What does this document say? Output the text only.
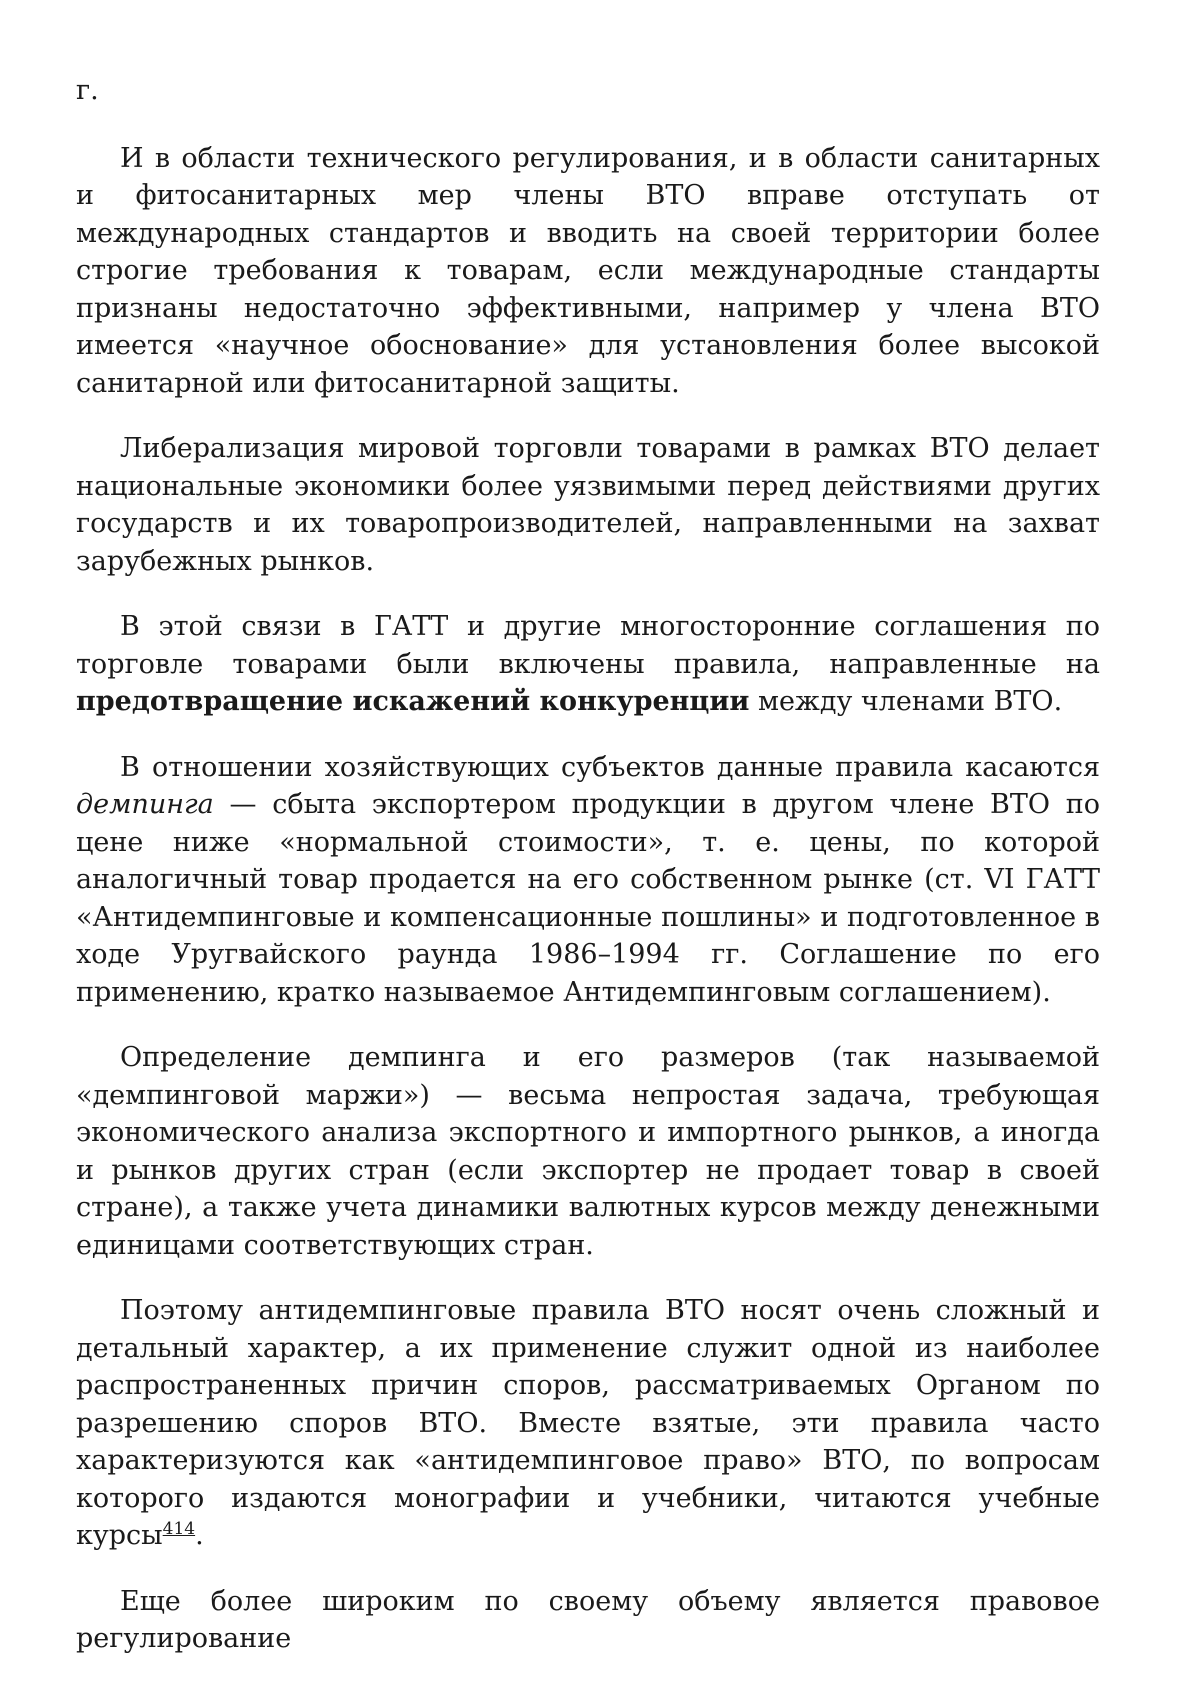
г.

И в области технического регулирования, и в области санитарных и фитосанитарных мер члены ВТО вправе отступать от международных стандартов и вводить на своей территории более строгие требования к товарам, если международные стандарты признаны недостаточно эффективными, например у члена ВТО имеется «научное обоснование» для установления более высокой санитарной или фитосанитарной защиты.

Либерализация мировой торговли товарами в рамках ВТО делает национальные экономики более уязвимыми перед действиями других государств и их товаропроизводителей, направленными на захват зарубежных рынков.

В этой связи в ГАТТ и другие многосторонние соглашения по торговле товарами были включены правила, направленные на предотвращение искажений конкуренции между членами ВТО.

В отношении хозяйствующих субъектов данные правила касаются демпинга — сбыта экспортером продукции в другом члене ВТО по цене ниже «нормальной стоимости», т. е. цены, по которой аналогичный товар продается на его собственном рынке (ст. VI ГАТТ «Антидемпинговые и компенсационные пошлины» и подготовленное в ходе Уругвайского раунда 1986–1994 гг. Соглашение по его применению, кратко называемое Антидемпинговым соглашением).

Определение демпинга и его размеров (так называемой «демпинговой маржи») — весьма непростая задача, требующая экономического анализа экспортного и импортного рынков, а иногда и рынков других стран (если экспортер не продает товар в своей стране), а также учета динамики валютных курсов между денежными единицами соответствующих стран.

Поэтому антидемпинговые правила ВТО носят очень сложный и детальный характер, а их применение служит одной из наиболее распространенных причин споров, рассматриваемых Органом по разрешению споров ВТО. Вместе взятые, эти правила часто характеризуются как «антидемпинговое право» ВТО, по вопросам которого издаются монографии и учебники, читаются учебные курсы$^{414}$.

Еще более широким по своему объему является правовое регулирование
